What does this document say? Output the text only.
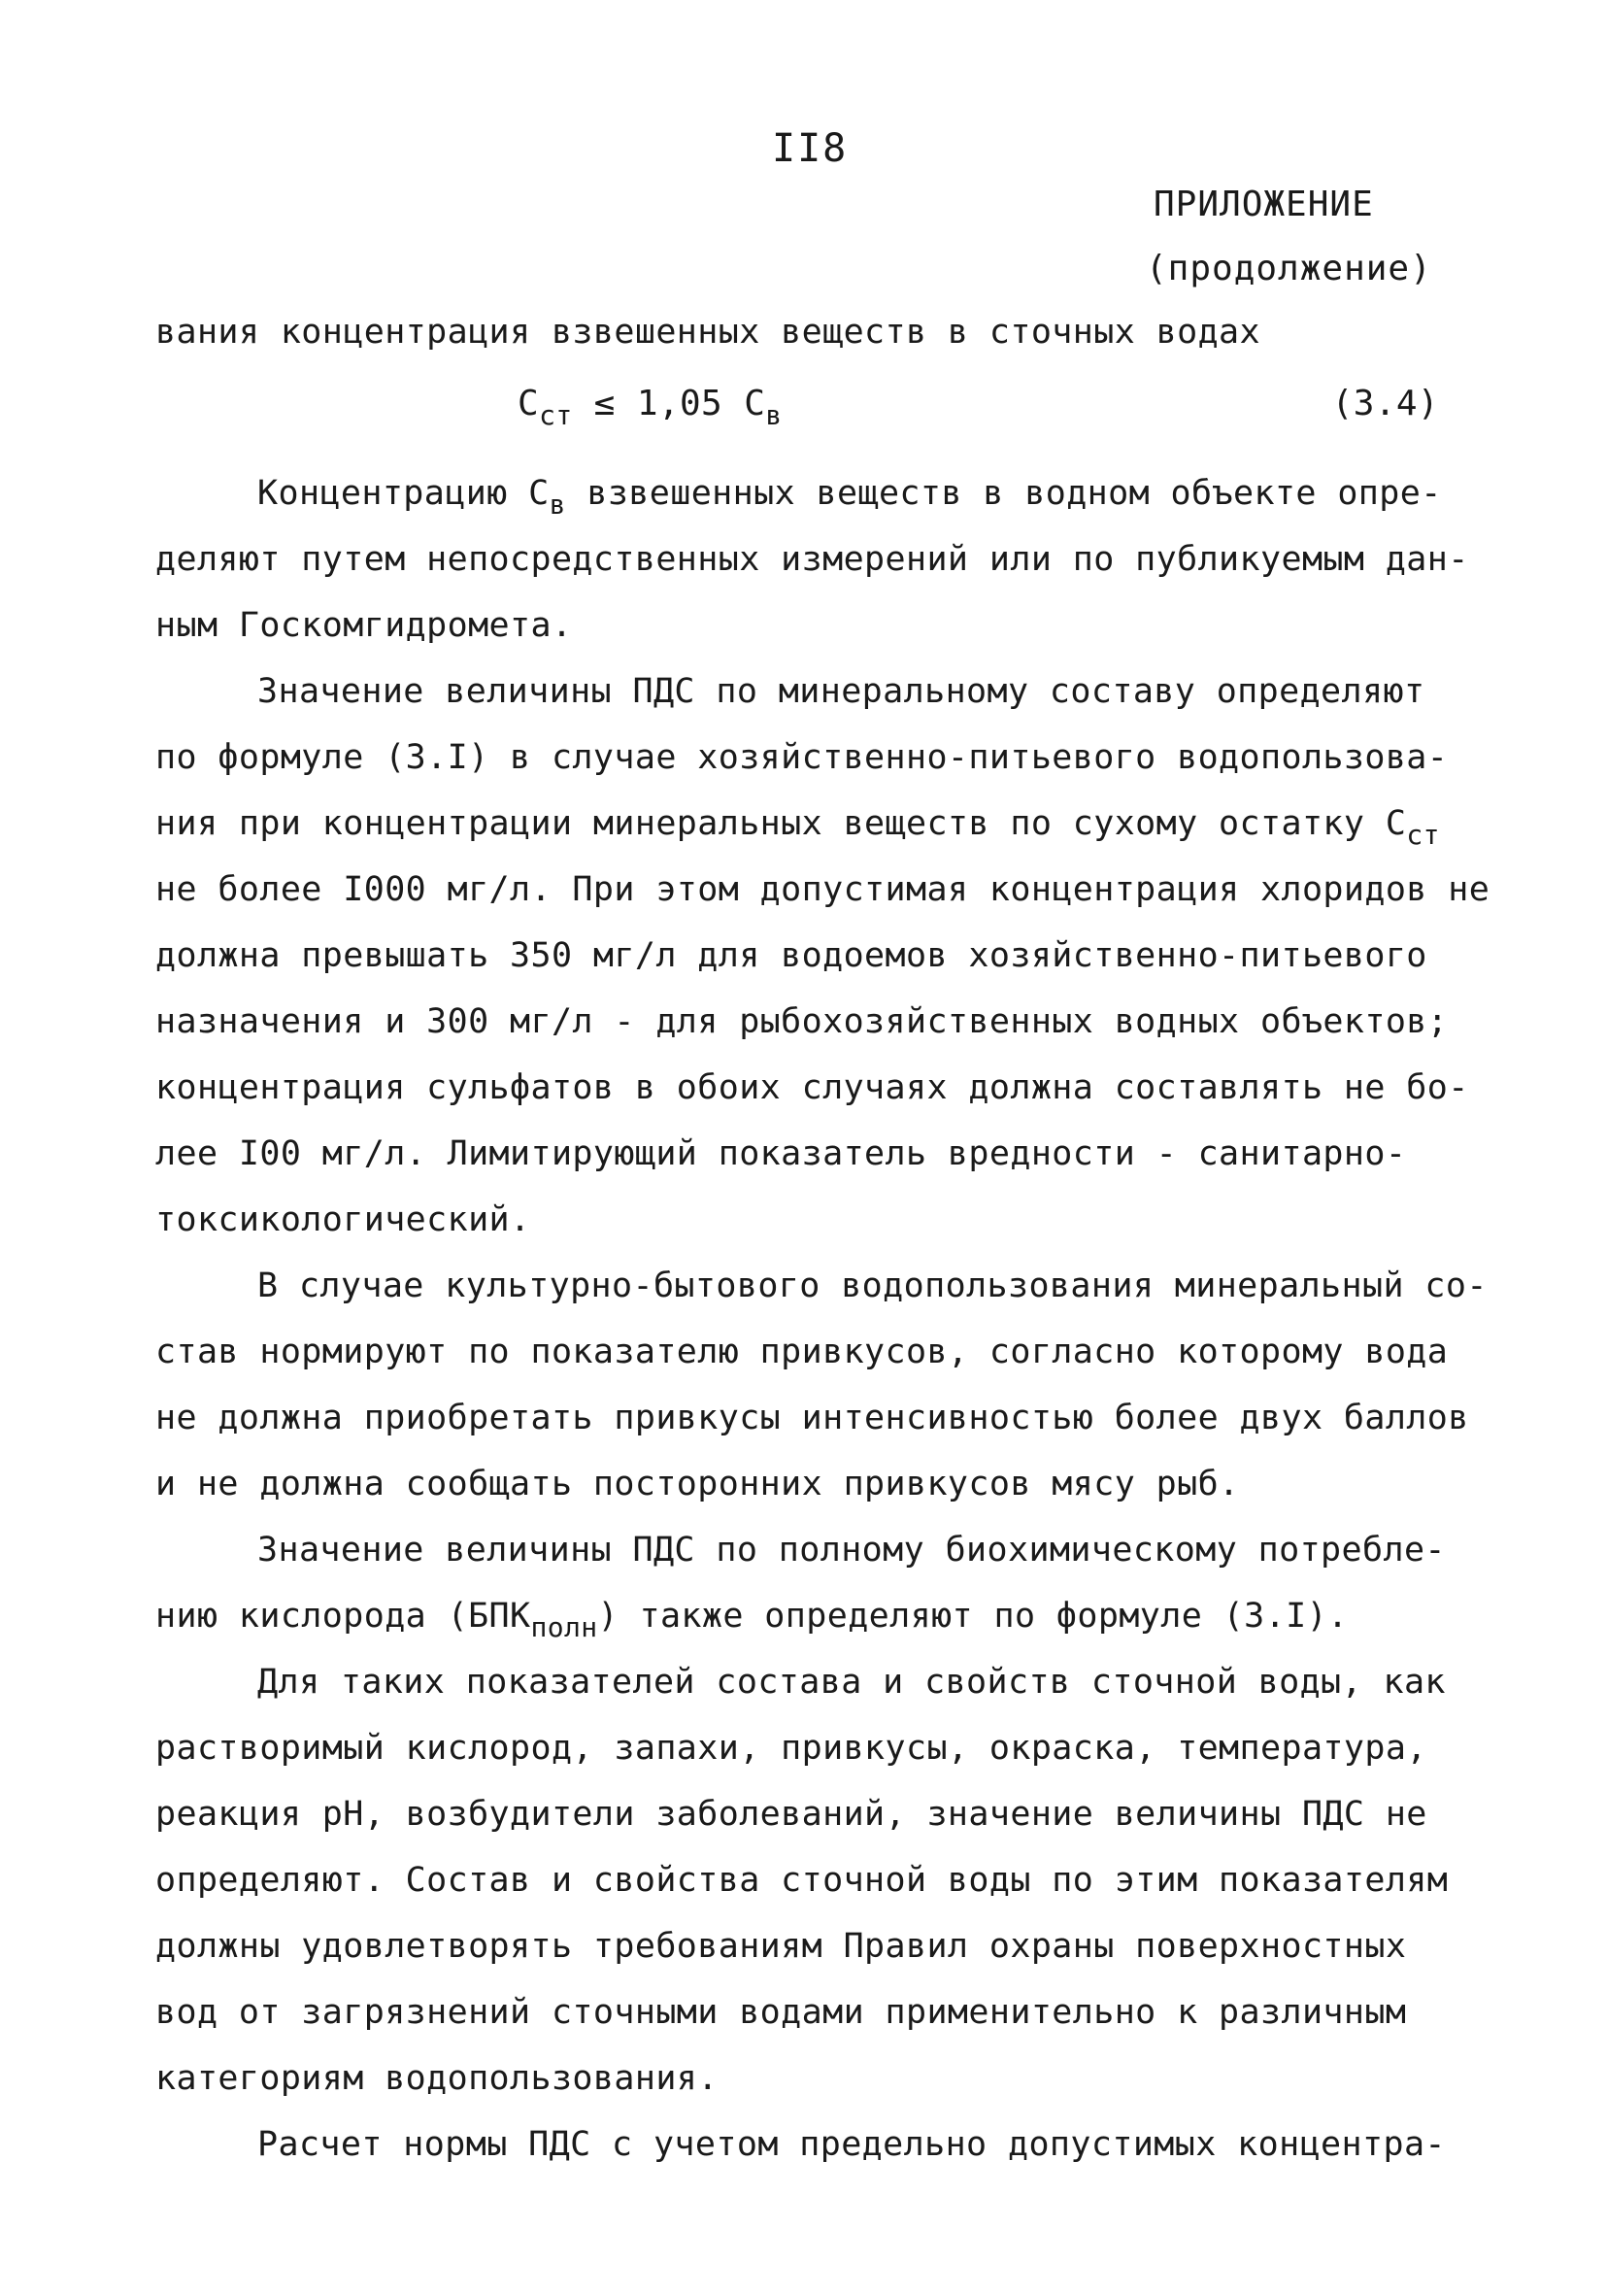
II8
ПРИЛОЖЕНИЕ
(продолжение)
вания концентрация взвешенных веществ в сточных водах
$C_{ст} \le 1,05$ $C_в$	(3.4)
Концентрацию $C_в$ взвешенных веществ в водном объекте опре-
деляют путем непосредственных измерений или по публикуемым дан-
ным Госкомгидромета.
Значение величины ПДС по минеральному составу определяют
по формуле (3.I) в случае хозяйственно-питьевого водопользова-
ния при концентрации минеральных веществ по сухому остатку $C_{ст}$
не более I000 мг/л. При этом допустимая концентрация хлоридов не
должна превышать 350 мг/л для водоемов хозяйственно-питьевого
назначения и 300 мг/л - для рыбохозяйственных водных объектов;
концентрация сульфатов в обоих случаях должна составлять не бо-
лее I00 мг/л. Лимитирующий показатель вредности - санитарно-
токсикологический.
В случае культурно-бытового водопользования минеральный со-
став нормируют по показателю привкусов, согласно которому вода
не должна приобретать привкусы интенсивностью более двух баллов
и не должна сообщать посторонних привкусов мясу рыб.
Значение величины ПДС по полному биохимическому потребле-
нию кислорода $(БПК_{полн})$ также определяют по формуле (3.I).
Для таких показателей состава и свойств сточной воды, как
растворимый кислород, запахи, привкусы, окраска, температура,
реакция pH, возбудители заболеваний, значение величины ПДС не
определяют. Состав и свойства сточной воды по этим показателям
должны удовлетворять требованиям Правил охраны поверхностных
вод от загрязнений сточными водами применительно к различным
категориям водопользования.
Расчет нормы ПДС с учетом предельно допустимых концентра-
